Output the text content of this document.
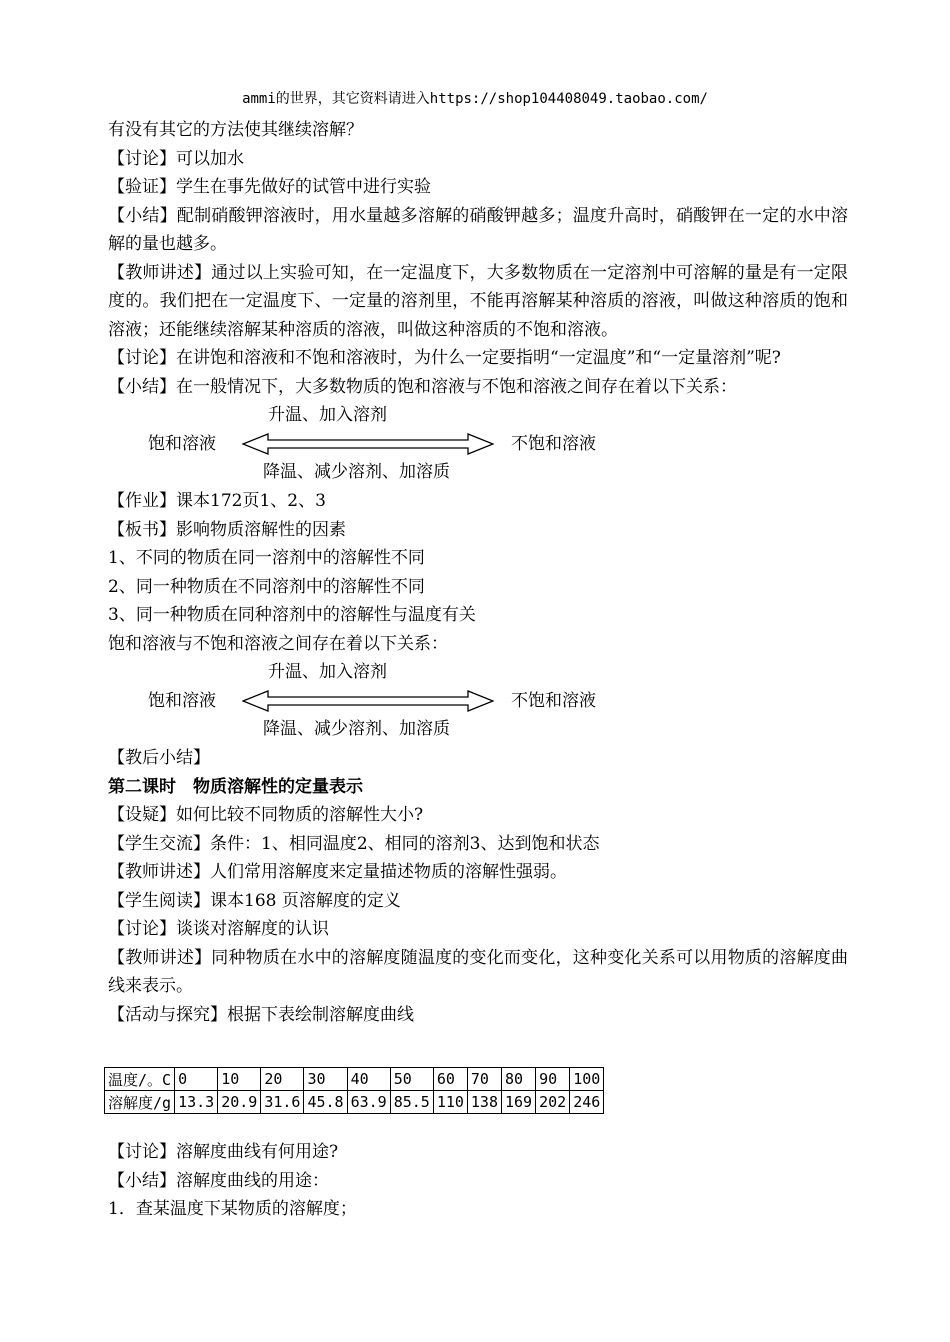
ammi的世界，其它资料请进入https://shop104408049.taobao.com/
有没有其它的方法使其继续溶解？
【讨论】可以加水
【验证】学生在事先做好的试管中进行实验
【小结】配制硝酸钾溶液时，用水量越多溶解的硝酸钾越多；温度升高时，硝酸钾在一定的水中溶解的量也越多。
【教师讲述】通过以上实验可知，在一定温度下，大多数物质在一定溶剂中可溶解的量是有一定限度的。我们把在一定温度下、一定量的溶剂里，不能再溶解某种溶质的溶液，叫做这种溶质的饱和溶液；还能继续溶解某种溶质的溶液，叫做这种溶质的不饱和溶液。
【讨论】在讲饱和溶液和不饱和溶液时，为什么一定要指明“一定温度”和“一定量溶剂”呢?
【小结】在一般情况下，大多数物质的饱和溶液与不饱和溶液之间存在着以下关系：
升温、加入溶剂
饱和溶液	不饱和溶液
降温、减少溶剂、加溶质
【作业】课本172页1、2、3
【板书】影响物质溶解性的因素
1、不同的物质在同一溶剂中的溶解性不同
2、同一种物质在不同溶剂中的溶解性不同
3、同一种物质在同种溶剂中的溶解性与温度有关
饱和溶液与不饱和溶液之间存在着以下关系：
升温、加入溶剂
饱和溶液	不饱和溶液
降温、减少溶剂、加溶质
【教后小结】
第二课时　物质溶解性的定量表示
【设疑】如何比较不同物质的溶解性大小?
【学生交流】条件：1、相同温度2、相同的溶剂3、达到饱和状态
【教师讲述】人们常用溶解度来定量描述物质的溶解性强弱。
【学生阅读】课本168 页溶解度的定义
【讨论】谈谈对溶解度的认识
【教师讲述】同种物质在水中的溶解度随温度的变化而变化，这种变化关系可以用物质的溶解度曲线来表示。
【活动与探究】根据下表绘制溶解度曲线
温度/。C	0	10	20	30	40	50	60	70	80	90	100
溶解度/g	13.3	20.9	31.6	45.8	63.9	85.5	110	138	169	202	246
【讨论】溶解度曲线有何用途?
【小结】溶解度曲线的用途：
1．查某温度下某物质的溶解度；
